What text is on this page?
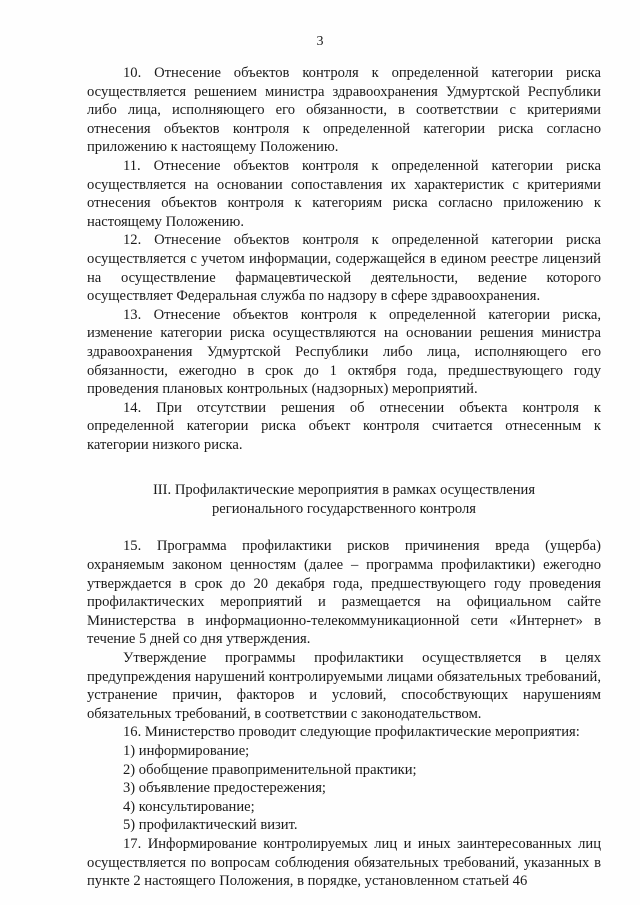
3

10. Отнесение объектов контроля к определенной категории риска осуществляется решением министра здравоохранения Удмуртской Республики либо лица, исполняющего его обязанности, в соответствии с критериями отнесения объектов контроля к определенной категории риска согласно приложению к настоящему Положению.

11. Отнесение объектов контроля к определенной категории риска осуществляется на основании сопоставления их характеристик с критериями отнесения объектов контроля к категориям риска согласно приложению к настоящему Положению.

12. Отнесение объектов контроля к определенной категории риска осуществляется с учетом информации, содержащейся в едином реестре лицензий на осуществление фармацевтической деятельности, ведение которого осуществляет Федеральная служба по надзору в сфере здравоохранения.

13. Отнесение объектов контроля к определенной категории риска, изменение категории риска осуществляются на основании решения министра здравоохранения Удмуртской Республики либо лица, исполняющего его обязанности, ежегодно в срок до 1 октября года, предшествующего году проведения плановых контрольных (надзорных) мероприятий.

14. При отсутствии решения об отнесении объекта контроля к определенной категории риска объект контроля считается отнесенным к категории низкого риска.

III. Профилактические мероприятия в рамках осуществления
регионального государственного контроля

15. Программа профилактики рисков причинения вреда (ущерба) охраняемым законом ценностям (далее – программа профилактики) ежегодно утверждается в срок до 20 декабря года, предшествующего году проведения профилактических мероприятий и размещается на официальном сайте Министерства в информационно-телекоммуникационной сети «Интернет» в течение 5 дней со дня утверждения.

Утверждение программы профилактики осуществляется в целях предупреждения нарушений контролируемыми лицами обязательных требований, устранение причин, факторов и условий, способствующих нарушениям обязательных требований, в соответствии с законодательством.

16. Министерство проводит следующие профилактические мероприятия:

1) информирование;

2) обобщение правоприменительной практики;

3) объявление предостережения;

4) консультирование;

5) профилактический визит.

17. Информирование контролируемых лиц и иных заинтересованных лиц осуществляется по вопросам соблюдения обязательных требований, указанных в пункте 2 настоящего Положения, в порядке, установленном статьей 46
